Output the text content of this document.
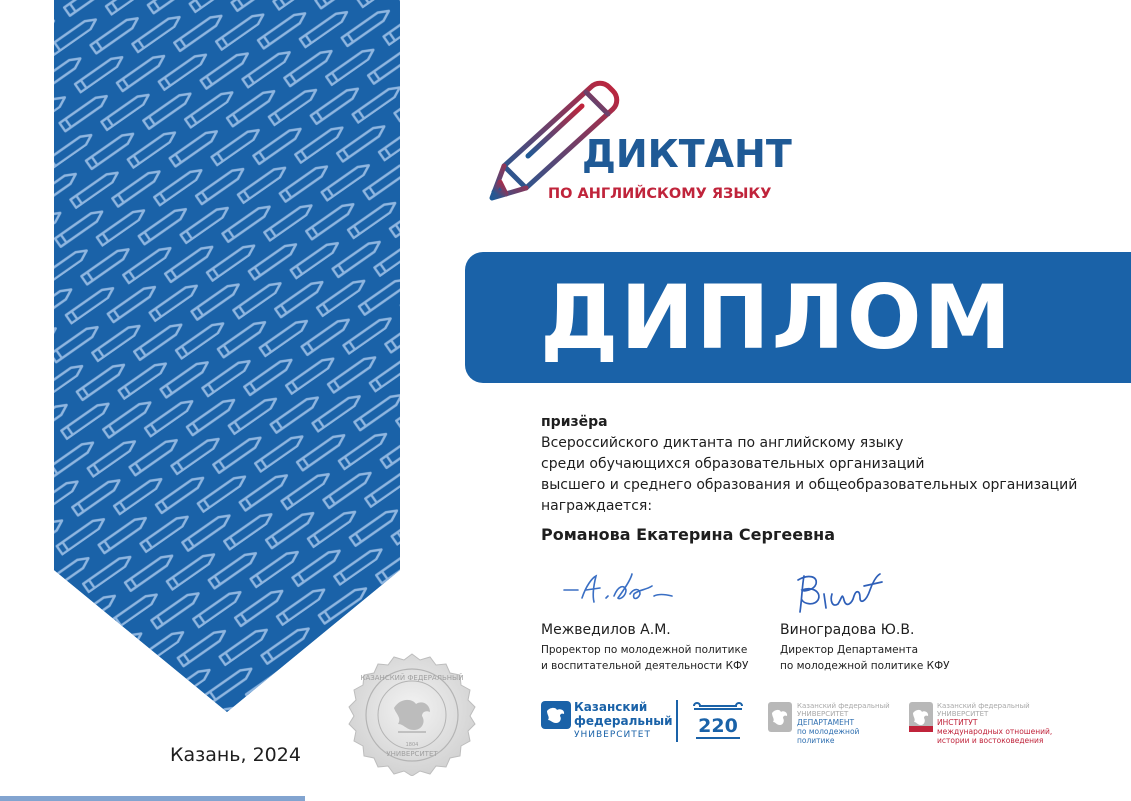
КАЗАНСКИЙ ФЕДЕРАЛЬНЫЙ
УНИВЕРСИТЕТ
1804
Казань, 2024
ДИКТАНТ
ПО АНГЛИЙСКОМУ ЯЗЫКУ
ДИПЛОМ
призёра
Всероссийского диктанта по английскому языку
среди обучающихся образовательных организаций
высшего и среднего образования и общеобразовательных организаций
награждается:
Романова Екатерина Сергеевна
Межведилов А.М.
Проректор по молодежной политике
и воспитательной деятельности КФУ
Виноградова Ю.В.
Директор Департамента
по молодежной политике КФУ
Казанский
федеральный
УНИВЕРСИТЕТ	220
Казанский федеральный
УНИВЕРСИТЕТ
ДЕПАРТАМЕНТ
по молодежной
политике
Казанский федеральный
УНИВЕРСИТЕТ
ИНСТИТУТ
международных отношений,
истории и востоковедения
